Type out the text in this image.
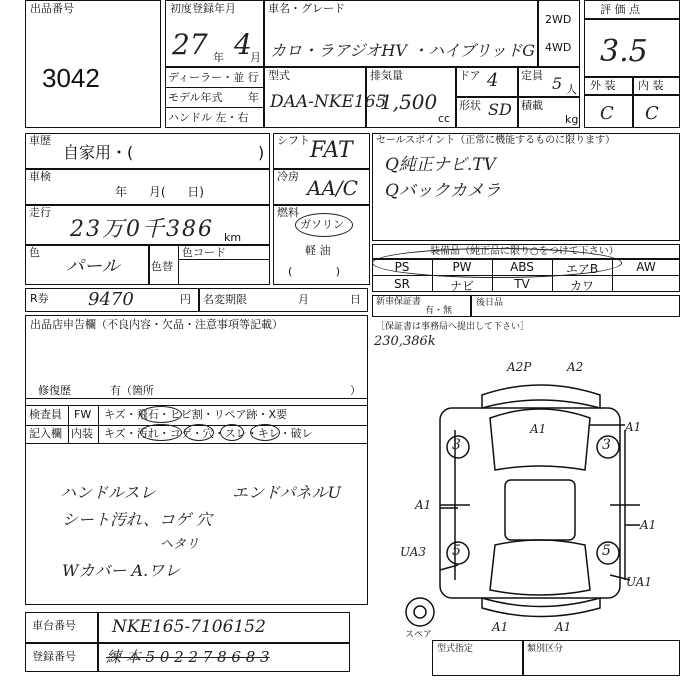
出品番号
3042
初度登録年月
27 年 4
月
車名・グレード
カロ・ラアジオHV ・ハイブリッドG
2WD
4WD
ディーラー・並 行
モデル年式 年
ハンドル 左・右
型式
DAA-NKE165
排気量
1,500
cc
ドア 4 定員 5 人
形状 SD 積載
kg
評 価 点
3.5
外 装 内 装
C C
車歴
自家用・(	)
車検
年 月( 日)
走行
23万0千386 km
色
パール	色替
色コード
シフト FAT
冷房 AA/C
燃料
ガソリン
軽 油
( )
セールスポイント（正常に機能するものに限ります）
Q純正ナビ.TV
Qバックカメラ
装備品（純正品に限り○をつけて下さい）
PS	PW	ABS	エアB	AW
SR	ナビ	TV	カワ
新車保証書
有・無
後日品
R券 9470	円 名変期限	月	日
出品店申告欄（不良内容・欠品・注意事項等記載）
修復歴	有（箇所	）
検査員
記入欄
FW キズ・飛石・ヒビ割・リペア跡・X要
内装 キズ・汚れ・コゲ・穴・スレ・キレ・破レ
ハンドルスレ	エンドパネルU
シート汚れ、コゲ 穴
ヘタリ
Wカバー A.ワレ
［保証書は事務局へ提出して下さい］
230,386k
3	3
5	5
A2P	A2
A1	A1
A1
A1
UA3
UA1
A1	A1
スペア
車台番号 NKE165-7106152
登録番号 練 本 5 0 2 2 7 8 6 8 3	型式指定	類別区分
